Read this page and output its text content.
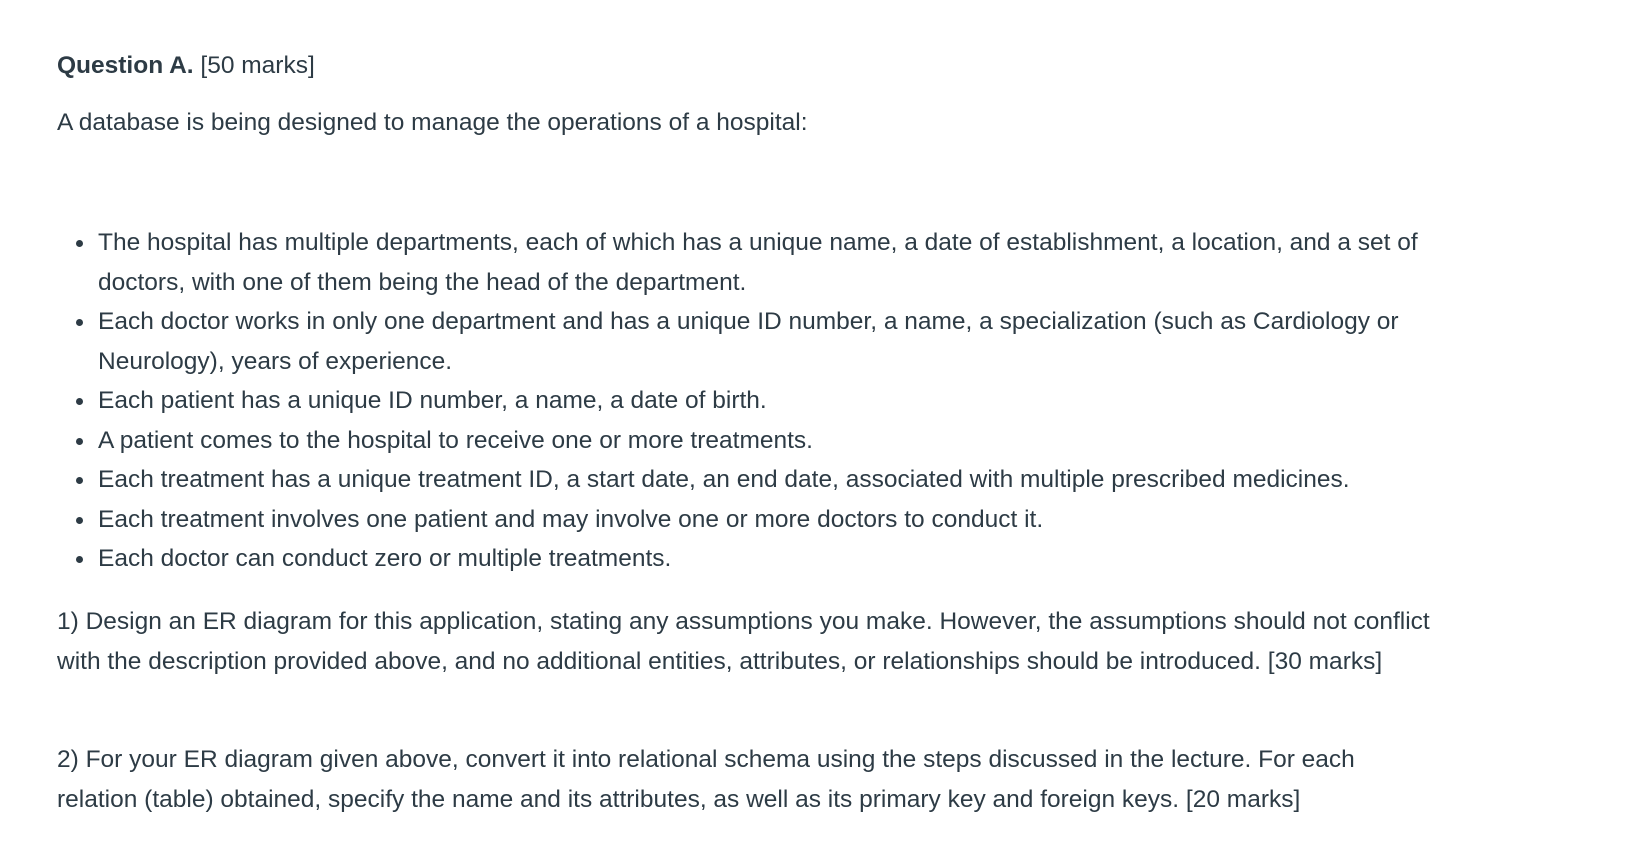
Question A. [50 marks]

A database is being designed to manage the operations of a hospital:

The hospital has multiple departments, each of which has a unique name, a date of establishment, a location, and a set of doctors, with one of them being the head of the department.
Each doctor works in only one department and has a unique ID number, a name, a specialization (such as Cardiology or Neurology), years of experience.
Each patient has a unique ID number, a name, a date of birth.
A patient comes to the hospital to receive one or more treatments.
Each treatment has a unique treatment ID, a start date, an end date, associated with multiple prescribed medicines.
Each treatment involves one patient and may involve one or more doctors to conduct it.
Each doctor can conduct zero or multiple treatments.

1) Design an ER diagram for this application, stating any assumptions you make. However, the assumptions should not conflict with the description provided above, and no additional entities, attributes, or relationships should be introduced. [30 marks]

2) For your ER diagram given above, convert it into relational schema using the steps discussed in the lecture. For each relation (table) obtained, specify the name and its attributes, as well as its primary key and foreign keys. [20 marks]
